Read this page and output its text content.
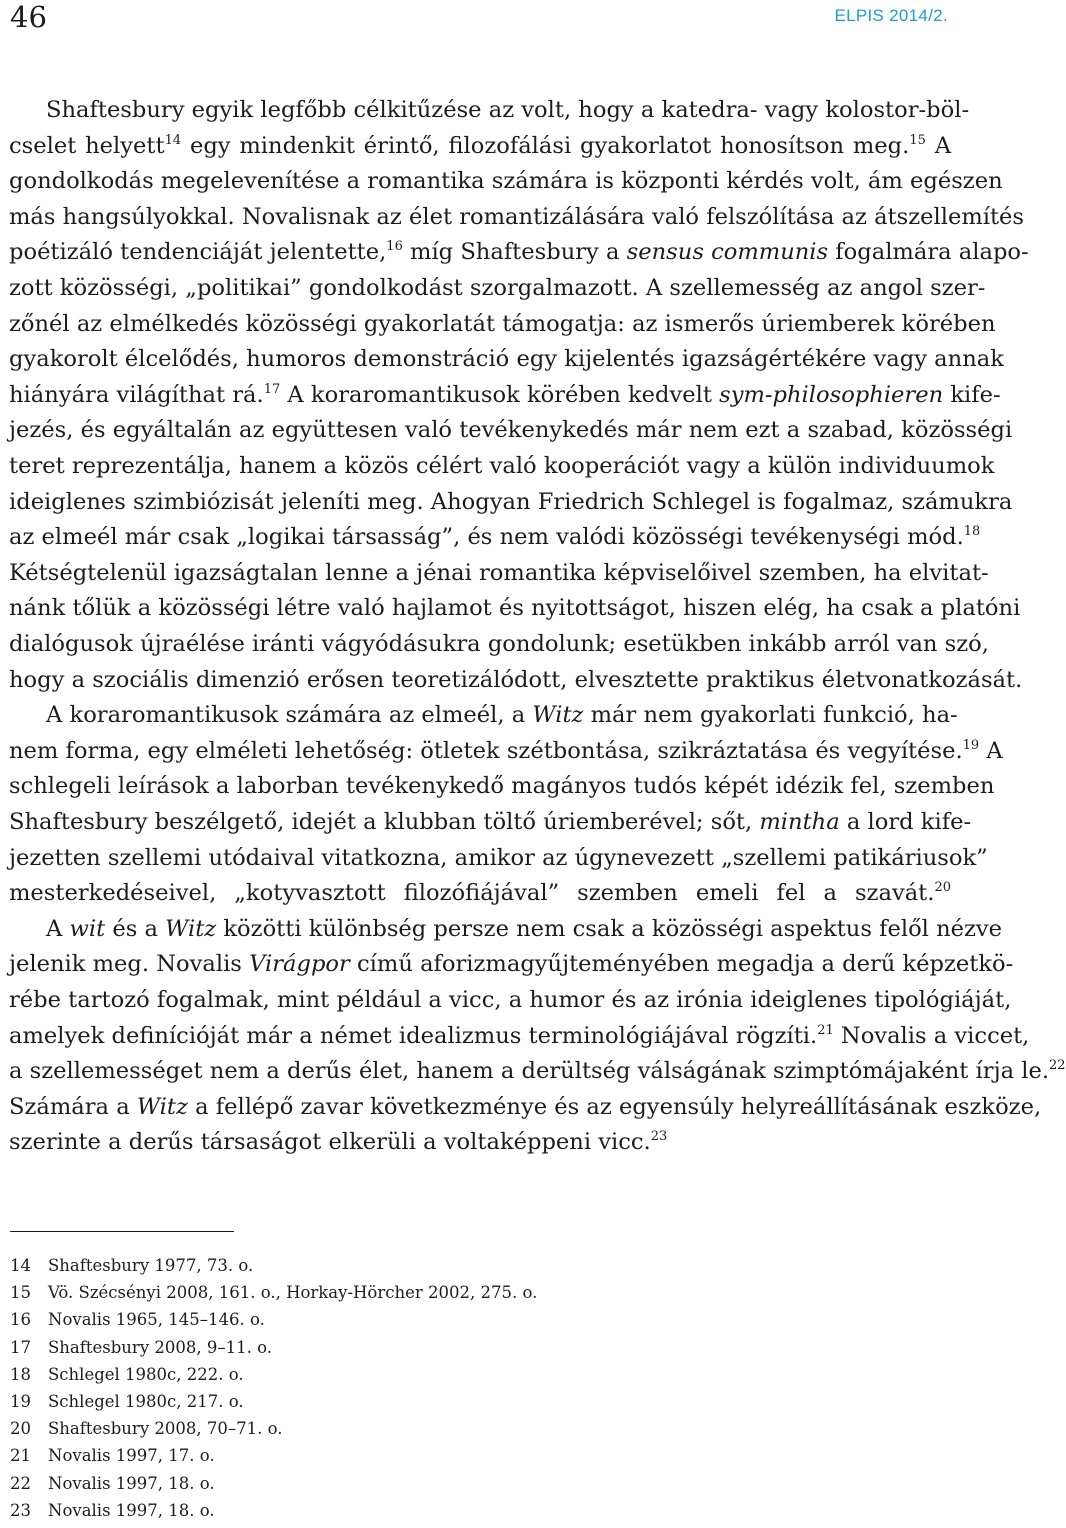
46	ELPIS 2014/2.
Shaftesbury egyik legfőbb célkitűzése az volt, hogy a katedra- vagy kolostor-böl-
cselet helyett$^{14}$ egy mindenkit érintő, filozofálási gyakorlatot honosítson meg.$^{15}$ A
gondolkodás megelevenítése a romantika számára is központi kérdés volt, ám egészen
más hangsúlyokkal. Novalisnak az élet romantizálására való felszólítása az átszellemítés
poétizáló tendenciáját jelentette,$^{16}$ míg Shaftesbury a sensus communis fogalmára alapo-
zott közösségi, „politikai” gondolkodást szorgalmazott. A szellemesség az angol szer-
zőnél az elmélkedés közösségi gyakorlatát támogatja: az ismerős úriemberek körében
gyakorolt élcelődés, humoros demonstráció egy kijelentés igazságértékére vagy annak
hiányára világíthat rá.$^{17}$ A koraromantikusok körében kedvelt sym-philosophieren kife-
jezés, és egyáltalán az együttesen való tevékenykedés már nem ezt a szabad, közösségi
teret reprezentálja, hanem a közös célért való kooperációt vagy a külön individuumok
ideiglenes szimbiózisát jeleníti meg. Ahogyan Friedrich Schlegel is fogalmaz, számukra
az elmeél már csak „logikai társasság”, és nem valódi közösségi tevékenységi mód.$^{18}$
Kétségtelenül igazságtalan lenne a jénai romantika képviselőivel szemben, ha elvitat-
nánk tőlük a közösségi létre való hajlamot és nyitottságot, hiszen elég, ha csak a platóni
dialógusok újraélése iránti vágyódásukra gondolunk; esetükben inkább arról van szó,
hogy a szociális dimenzió erősen teoretizálódott, elvesztette praktikus életvonatkozását.
A koraromantikusok számára az elmeél, a Witz már nem gyakorlati funkció, ha-
nem forma, egy elméleti lehetőség: ötletek szétbontása, szikráztatása és vegyítése.$^{19}$ A
schlegeli leírások a laborban tevékenykedő magányos tudós képét idézik fel, szemben
Shaftesbury beszélgető, idejét a klubban töltő úriemberével; sőt, mintha a lord kife-
jezetten szellemi utódaival vitatkozna, amikor az úgynevezett „szellemi patikáriusok”
mesterkedéseivel, „kotyvasztott filozófiájával” szemben emeli fel a szavát.$^{20}$
A wit és a Witz közötti különbség persze nem csak a közösségi aspektus felől nézve
jelenik meg. Novalis Virágpor című aforizmagyűjteményében megadja a derű képzetkö-
rébe tartozó fogalmak, mint például a vicc, a humor és az irónia ideiglenes tipológiáját,
amelyek definícióját már a német idealizmus terminológiájával rögzíti.$^{21}$ Novalis a viccet,
a szellemességet nem a derűs élet, hanem a derültség válságának szimptómájaként írja le.$^{22}$
Számára a Witz a fellépő zavar következménye és az egyensúly helyreállításának eszköze,
szerinte a derűs társaságot elkerüli a voltaképpeni vicc.$^{23}$
14 Shaftesbury 1977, 73. o.
15 Vö. Szécsényi 2008, 161. o., Horkay-Hörcher 2002, 275. o.
16 Novalis 1965, 145–146. o.
17 Shaftesbury 2008, 9–11. o.
18 Schlegel 1980c, 222. o.
19 Schlegel 1980c, 217. o.
20 Shaftesbury 2008, 70–71. o.
21 Novalis 1997, 17. o.
22 Novalis 1997, 18. o.
23 Novalis 1997, 18. o.
